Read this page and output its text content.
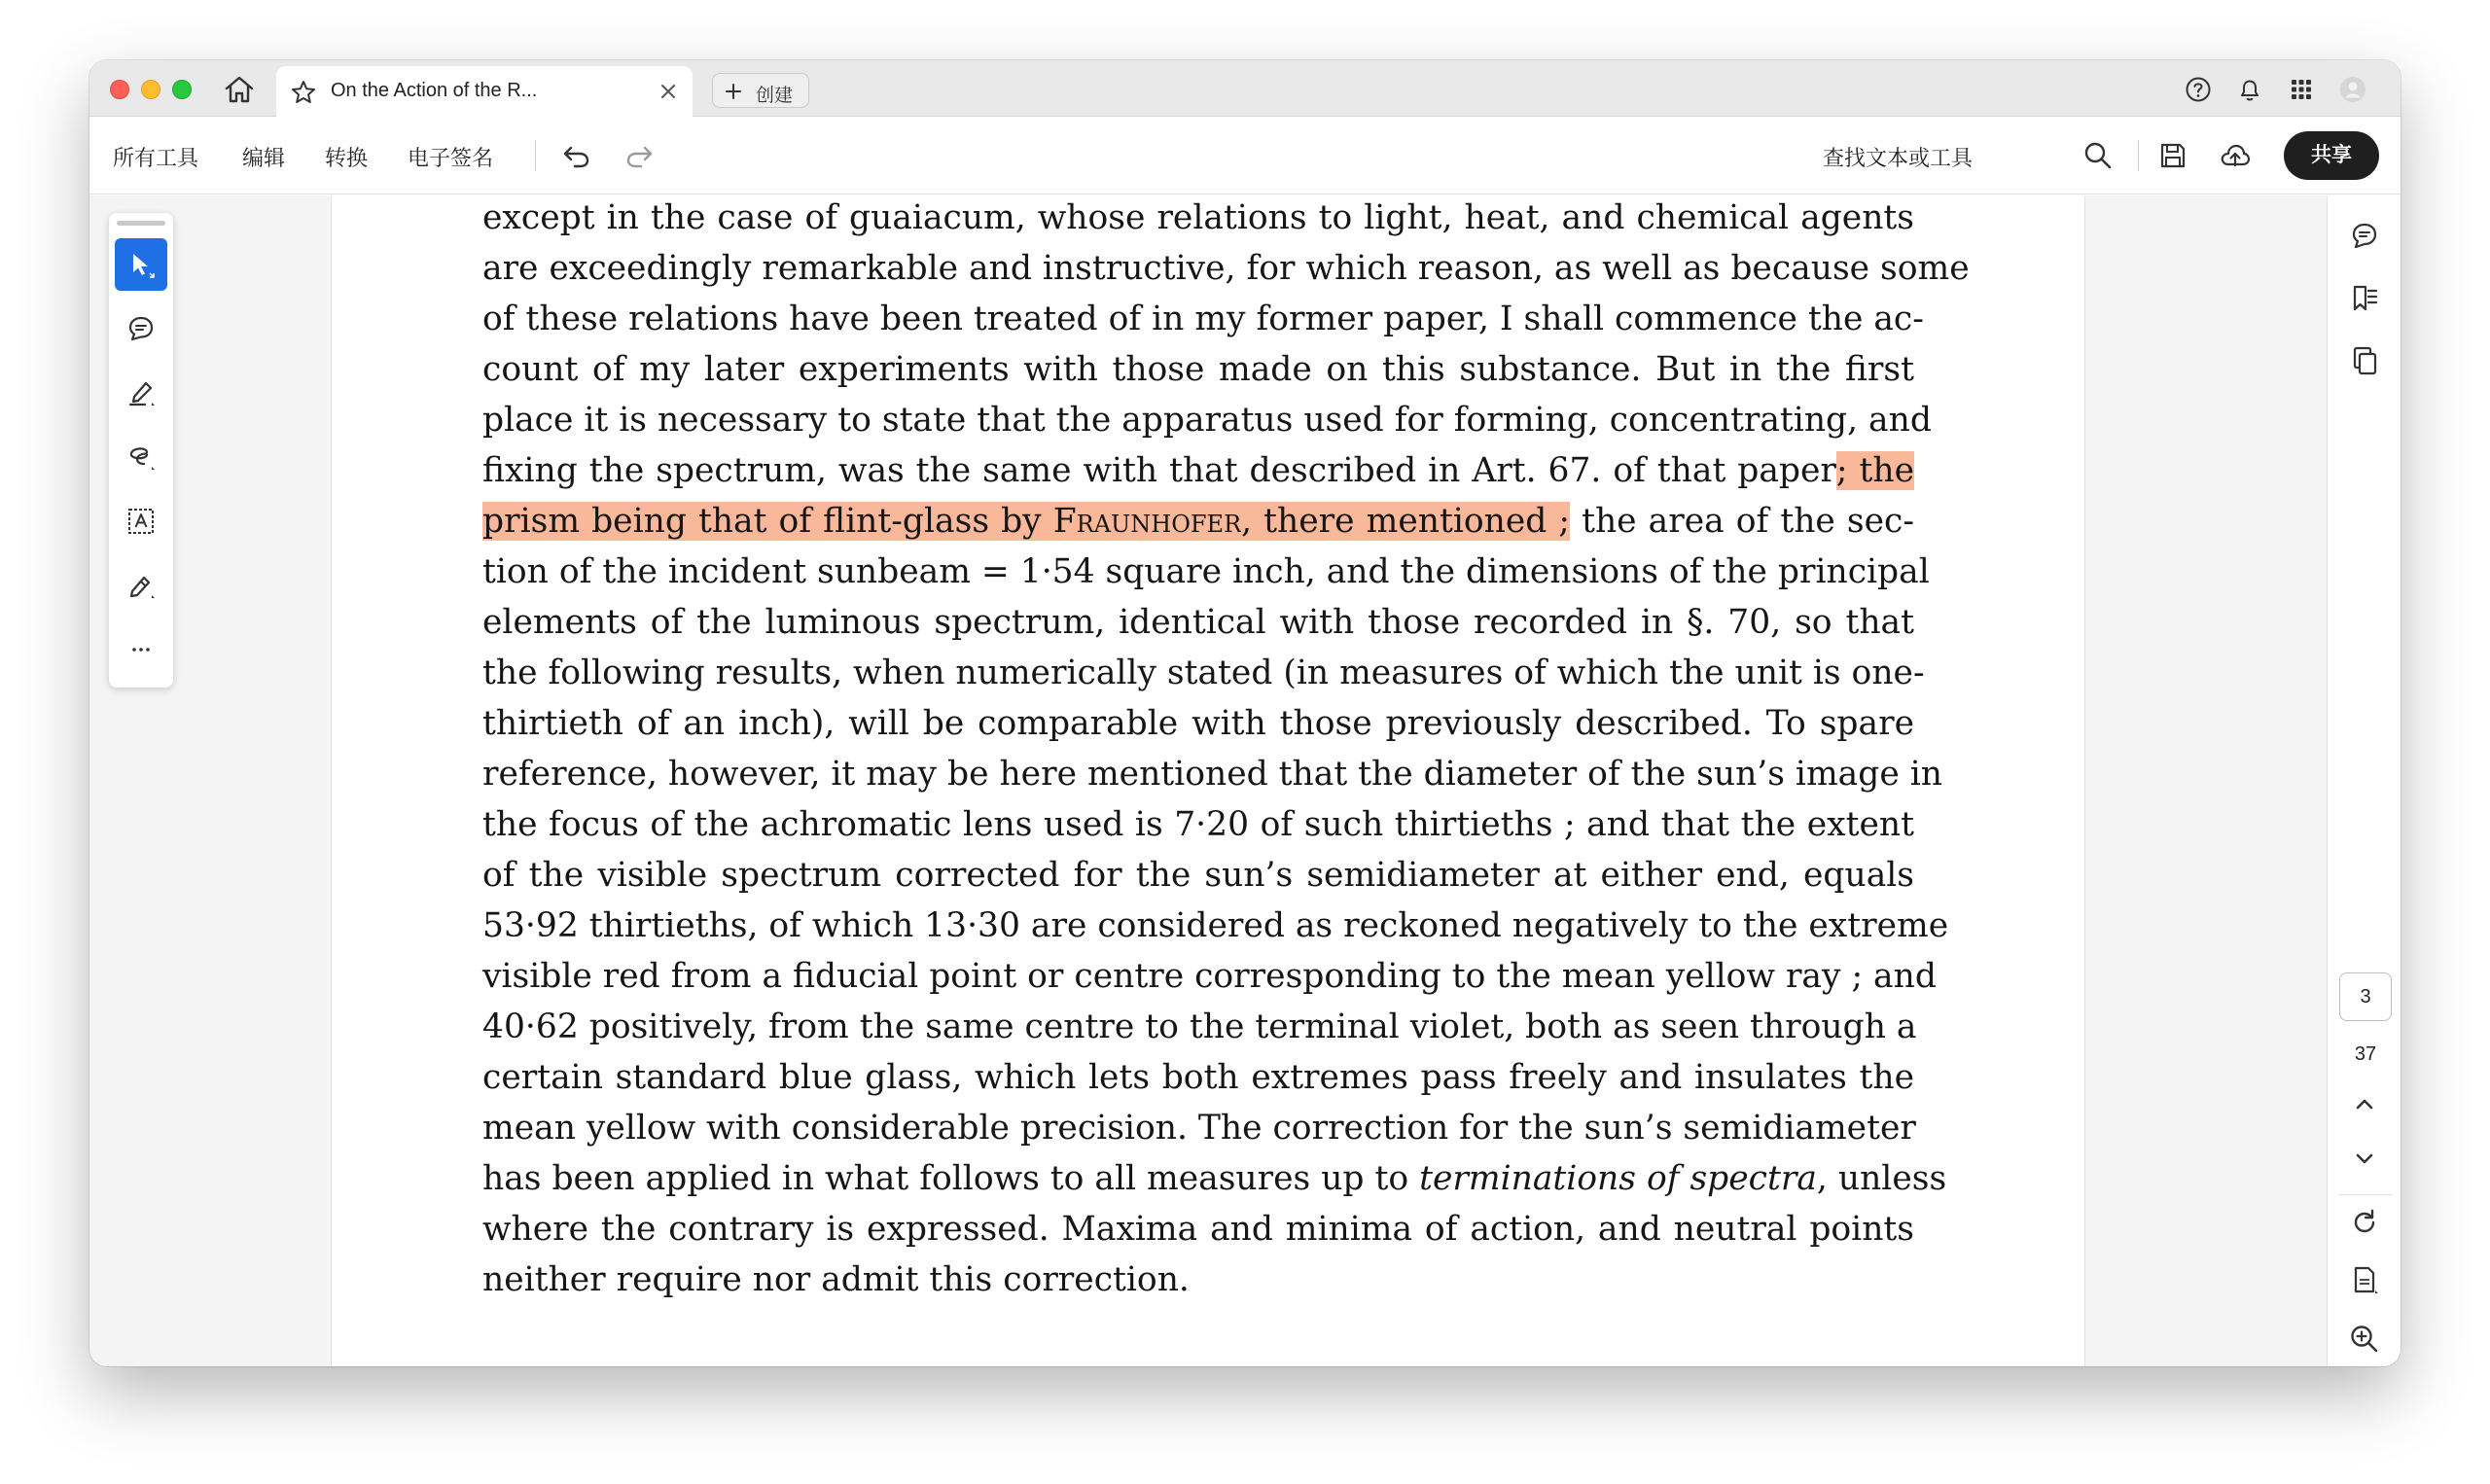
On the Action of the R...	创建
所有工具 编辑 转换 电子签名	查找文本或工具	共享
except in the case of guaiacum, whose relations to light, heat, and chemical agents
are exceedingly remarkable and instructive, for which reason, as well as because some
of these relations have been treated of in my former paper, I shall commence the ac-
count of my later experiments with those made on this substance. But in the first
place it is necessary to state that the apparatus used for forming, concentrating, and
fixing the spectrum, was the same with that described in Art. 67. of that paper; the
prism being that of flint-glass by Fraunhofer, there mentioned ; the area of the sec-
tion of the incident sunbeam = 1·54 square inch, and the dimensions of the principal
elements of the luminous spectrum, identical with those recorded in §. 70, so that
the following results, when numerically stated (in measures of which the unit is one-
thirtieth of an inch), will be comparable with those previously described. To spare
reference, however, it may be here mentioned that the diameter of the sun’s image in
the focus of the achromatic lens used is 7·20 of such thirtieths ; and that the extent
of the visible spectrum corrected for the sun’s semidiameter at either end, equals
53·92 thirtieths, of which 13·30 are considered as reckoned negatively to the extreme
visible red from a fiducial point or centre corresponding to the mean yellow ray ; and
40·62 positively, from the same centre to the terminal violet, both as seen through a
certain standard blue glass, which lets both extremes pass freely and insulates the
mean yellow with considerable precision. The correction for the sun’s semidiameter
has been applied in what follows to all measures up to terminations of spectra, unless
where the contrary is expressed. Maxima and minima of action, and neutral points
neither require nor admit this correction.
3
37
